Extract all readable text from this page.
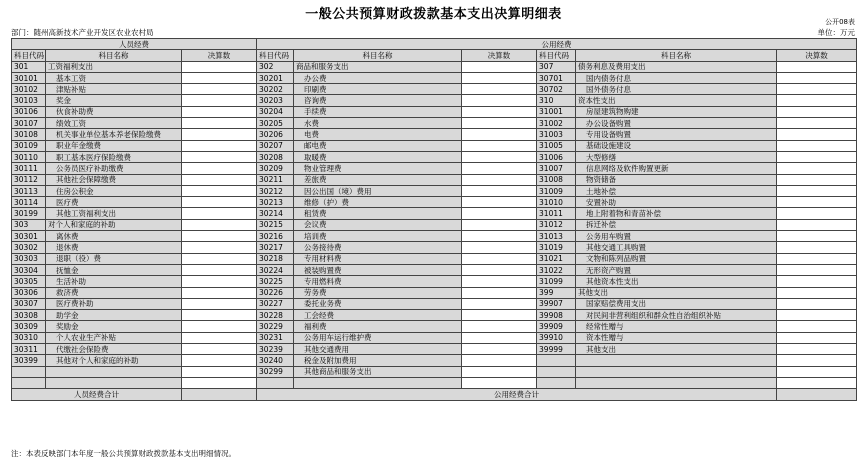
一般公共预算财政拨款基本支出决算明细表	公开08表
部门：随州高新技术产业开发区农业农村局	单位：万元
人员经费			公用经费					
科目代码	科目名称	决算数	科目代码	科目名称	决算数	科目代码	科目名称	决算数
301	工资福利支出		302	商品和服务支出		307	债务利息及费用支出	
30101	基本工资		30201	办公费		30701	国内债务付息	
30102	津贴补贴		30202	印刷费		30702	国外债务付息	
30103	奖金		30203	咨询费		310	资本性支出	
30106	伙食补助费		30204	手续费		31001	房屋建筑物购建	
30107	绩效工资		30205	水费		31002	办公设备购置	
30108	机关事业单位基本养老保险缴费		30206	电费		31003	专用设备购置	
30109	职业年金缴费		30207	邮电费		31005	基础设施建设	
30110	职工基本医疗保险缴费		30208	取暖费		31006	大型修缮	
30111	公务员医疗补助缴费		30209	物业管理费		31007	信息网络及软件购置更新	
30112	其他社会保障缴费		30211	差旅费		31008	物资储备	
30113	住房公积金		30212	因公出国（境）费用		31009	土地补偿	
30114	医疗费		30213	维修（护）费		31010	安置补助	
30199	其他工资福利支出		30214	租赁费		31011	地上附着物和青苗补偿	
303	对个人和家庭的补助		30215	会议费		31012	拆迁补偿	
30301	离休费		30216	培训费		31013	公务用车购置	
30302	退休费		30217	公务接待费		31019	其他交通工具购置	
30303	退职（役）费		30218	专用材料费		31021	文物和陈列品购置	
30304	抚恤金		30224	被装购置费		31022	无形资产购置	
30305	生活补助		30225	专用燃料费		31099	其他资本性支出	
30306	救济费		30226	劳务费		399	其他支出	
30307	医疗费补助		30227	委托业务费		39907	国家赔偿费用支出	
30308	助学金		30228	工会经费		39908	对民间非营利组织和群众性自治组织补贴	
30309	奖励金		30229	福利费		39909	经常性赠与	
30310	个人农业生产补贴		30231	公务用车运行维护费		39910	资本性赠与	
30311	代缴社会保险费		30239	其他交通费用		39999	其他支出	
30399	其他对个人和家庭的补助		30240	税金及附加费用				
			30299	其他商品和服务支出				

人员经费合计			公用经费合计					
注：本表反映部门本年度一般公共预算财政拨款基本支出明细情况。
